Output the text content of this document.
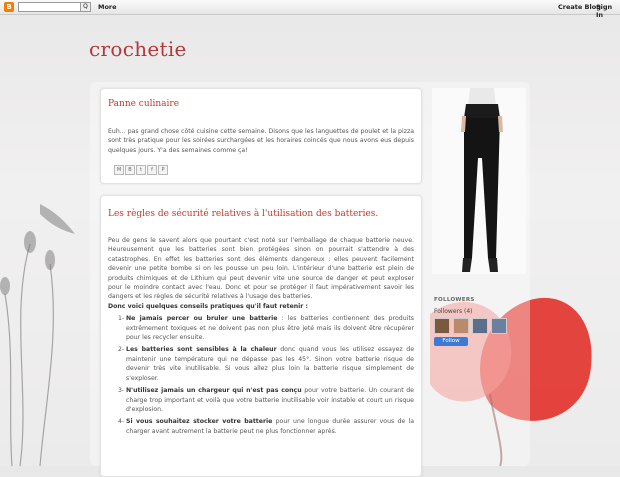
B	Q	More	Create Blog
Sign In
crochetie
Panne culinaire

Euh... pas grand chose côté cuisine cette semaine. Disons que les languettes de poulet et la pizza sont très pratique pour les soirées surchargées et les horaires coincés que nous avons eus depuis quelques jours. Y'a des semaines comme ça!

M	B	t	f	P
Les règles de sécurité relatives à l'utilisation des batteries.

Peu de gens le savent alors que pourtant c'est noté sur l'emballage de chaque batterie neuve. Heureusement que les batteries sont bien protégées sinon on pourrait s'attendre à des catastrophes. En effet les batteries sont des éléments dangereux : elles peuvent facilement devenir une petite bombe si on les pousse un peu loin. L'intérieur d'une batterie est plein de produits chimiques et de Lithium qui peut devenir vite une source de danger et peut exploser pour le moindre contact avec l'eau. Donc et pour se protéger il faut impérativement savoir les dangers et les règles de sécurité relatives à l'usage des batteries.

Donc voici quelques conseils pratiques qu'il faut retenir :

1- Ne jamais percer ou bruler une batterie : les batteries contiennent des produits extrêmement toxiques et ne doivent pas non plus être jeté mais ils doivent être récupérer pour les recycler ensuite.
2- Les batteries sont sensibles à la chaleur donc quand vous les utilisez essayez de maintenir une température qui ne dépasse pas les 45°. Sinon votre batterie risque de devenir très vite inutilisable. Si vous allez plus loin la batterie risque simplement de s'exploser.
3- N'utilisez jamais un chargeur qui n'est pas conçu pour votre batterie. Un courant de charge trop important et voilà que votre batterie inutilisable voir instable et court un risque d'explosion.
4- Si vous souhaitez stocker votre batterie pour une longue durée assurer vous de la charger avant autrement la batterie peut ne plus fonctionner après.
FOLLOWERS
Followers (4)
Follow
